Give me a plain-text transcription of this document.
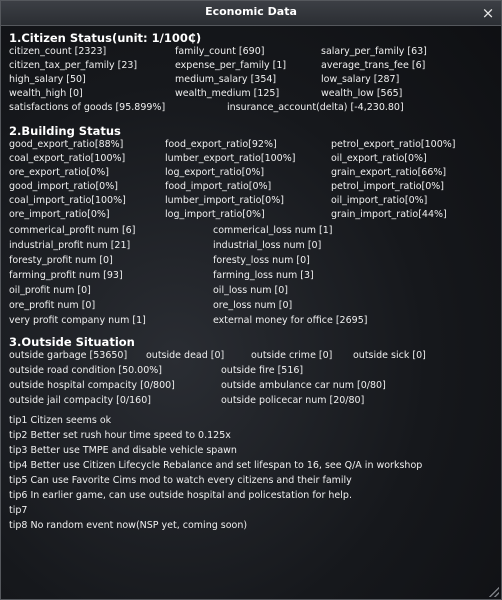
Economic Data	×
1.Citizen Status(unit: 1/100₵)
citizen_count [2323]	family_count [690]	salary_per_family [63]
citizen_tax_per_family [23]	expense_per_family [1]	average_trans_fee [6]
high_salary [50]	medium_salary [354]	low_salary [287]
wealth_high [0]	wealth_medium [125]	wealth_low [565]
satisfactions of goods [95.899%]	insurance_account(delta) [-4,230.80]
2.Building Status
good_export_ratio[88%]	food_export_ratio[92%]	petrol_export_ratio[100%]
coal_export_ratio[100%]	lumber_export_ratio[100%]	oil_export_ratio[0%]
ore_export_ratio[0%]	log_export_ratio[0%]	grain_export_ratio[66%]
good_import_ratio[0%]	food_import_ratio[0%]	petrol_import_ratio[0%]
coal_import_ratio[100%]	lumber_import_ratio[0%]	oil_import_ratio[0%]
ore_import_ratio[0%]	log_import_ratio[0%]	grain_import_ratio[44%]
commerical_profit num [6]	commerical_loss num [1]
industrial_profit num [21]	industrial_loss num [0]
foresty_profit num [0]	foresty_loss num [0]
farming_profit num [93]	farming_loss num [3]
oil_profit num [0]	oil_loss num [0]
ore_profit num [0]	ore_loss num [0]
very profit company num [1]	external money for office [2695]
3.Outside Situation
outside garbage [53650] outside dead [0]	outside crime [0] outside sick [0]
outside road condition [50.00%]	outside fire [516]
outside hospital compacity [0/800]	outside ambulance car num [0/80]
outside jail compacity [0/160]	outside policecar num [20/80]
tip1 Citizen seems ok
tip2 Better set rush hour time speed to 0.125x
tip3 Better use TMPE and disable vehicle spawn
tip4 Better use Citizen Lifecycle Rebalance and set lifespan to 16, see Q/A in workshop
tip5 Can use Favorite Cims mod to watch every citizens and their family
tip6 In earlier game, can use outside hospital and policestation for help.
tip7
tip8 No random event now(NSP yet, coming soon)
